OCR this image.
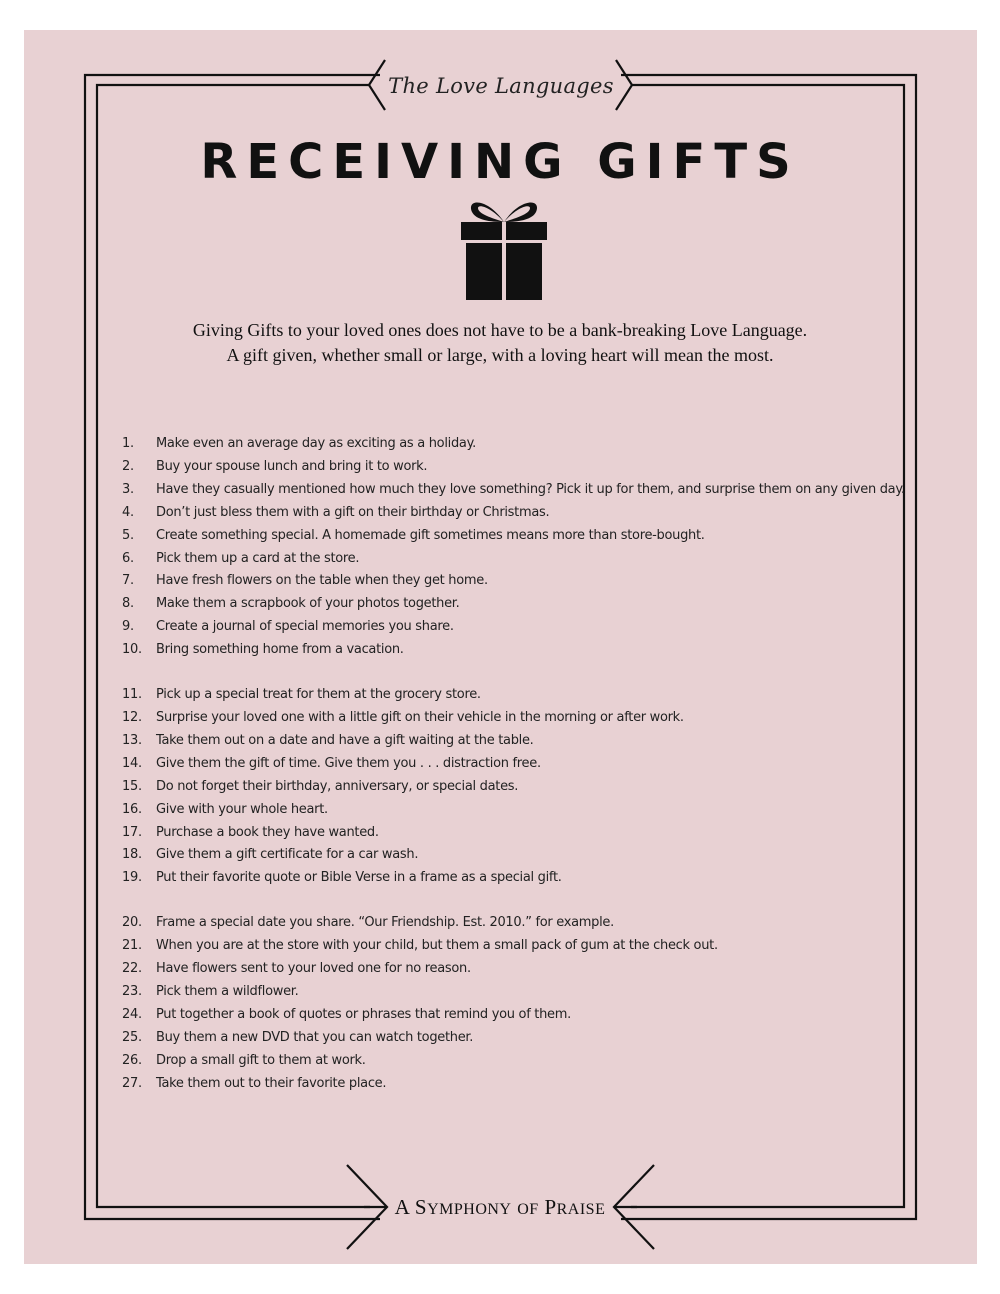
The Love Languages
RECEIVING GIFTS

Giving Gifts to your loved ones does not have to be a bank-breaking Love Language.

A gift given, whether small or large, with a loving heart will mean the most.

1.	Make even an average day as exciting as a holiday.
2.	Buy your spouse lunch and bring it to work.
3.	Have they casually mentioned how much they love something? Pick it up for them, and surprise them on any given day.
4.	Don’t just bless them with a gift on their birthday or Christmas.
5.	Create something special. A homemade gift sometimes means more than store-bought.
6.	Pick them up a card at the store.
7.	Have fresh flowers on the table when they get home.
8.	Make them a scrapbook of your photos together.
9.	Create a journal of special memories you share.
10.	Bring something home from a vacation.
11.	Pick up a special treat for them at the grocery store.
12.	Surprise your loved one with a little gift on their vehicle in the morning or after work.
13.	Take them out on a date and have a gift waiting at the table.
14.	Give them the gift of time. Give them you . . . distraction free.
15.	Do not forget their birthday, anniversary, or special dates.
16.	Give with your whole heart.
17.	Purchase a book they have wanted.
18.	Give them a gift certificate for a car wash.
19.	Put their favorite quote or Bible Verse in a frame as a special gift.
20.	Frame a special date you share. “Our Friendship. Est. 2010.” for example.
21.	When you are at the store with your child, but them a small pack of gum at the check out.
22.	Have flowers sent to your loved one for no reason.
23.	Pick them a wildflower.
24.	Put together a book of quotes or phrases that remind you of them.
25.	Buy them a new DVD that you can watch together.
26.	Drop a small gift to them at work.
27.	Take them out to their favorite place.
A SYMPHONY OF PRAISE
